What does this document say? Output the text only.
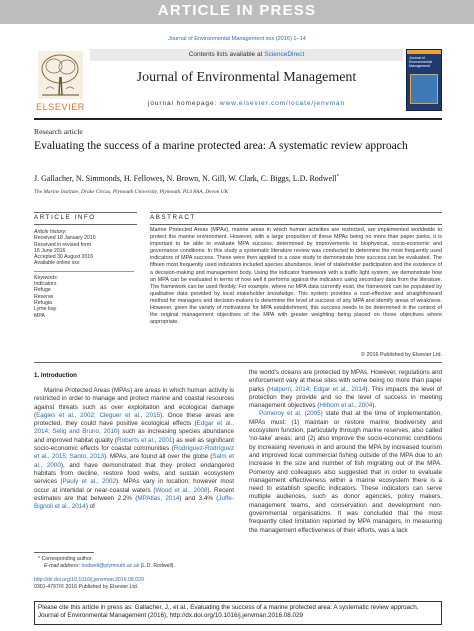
ARTICLE IN PRESS
Journal of Environmental Management xxx (2016) 1–14
ELSEVIER
Contents lists available at ScienceDirect
Journal of Environmental Management
journal homepage: www.elsevier.com/locate/jenvman
Journal of Environmental Management
Research article
Evaluating the success of a marine protected area: A systematic review approach
J. Gallacher, N. Simmonds, H. Fellowes, N. Brown, N. Gill, W. Clark, C. Biggs, L.D. Rodwell*
The Marine Institute, Drake Circus, Plymouth University, Plymouth, PL4 8AA, Devon UK
ARTICLE INFO	ABSTRACT
Article history:
Received 18 January 2016
Received in revised form
16 June 2016
Accepted 30 August 2016
Available online xxx
Keywords:
Indicators
Refuge
Reserve
Refugia
Lyme bay
MPA
Marine Protected Areas (MPAs), marine areas in which human activities are restricted, are implemented worldwide to protect the marine environment. However, with a large proportion of these MPAs being no more than paper parks, it is important to be able to evaluate MPA success, determined by improvements to biophysical, socio-economic and governance conditions. In this study a systematic literature review was conducted to determine the most frequently used indicators of MPA success. These were then applied to a case study to demonstrate how success can be evaluated. The fifteen most frequently used indicators included species abundance, level of stakeholder participation and the existence of a decision-making and management body. Using the indicator framework with a traffic light system, we demonstrate how an MPA can be evaluated in terms of how well it performs against the indicators using secondary data from the literature. The framework can be used flexibly. For example, where no MPA data currently exist, the framework can be populated by qualitative data provided by local stakeholder knowledge. This system provides a cost-effective and straightforward method for managers and decision-makers to determine the level of success of any MPA and identify areas of weakness. However, given the variety of motivations for MPA establishment, this success needs to be determined in the context of the original management objectives of the MPA with greater weighting being placed on those objectives where appropriate.
© 2016 Published by Elsevier Ltd.
1. Introduction

Marine Protected Areas (MPAs) are areas in which human activity is restricted in order to manage and protect marine and coastal resources against threats such as over exploitation and ecological damage (Eagles et al., 2002; Cleguer et al., 2015). Once these areas are protected, they could have positive ecological effects (Edgar et al., 2014; Selig and Bruno, 2010) such as increasing species abundance and improved habitat quality (Roberts et al., 2001) as well as significant socio-economic effects for coastal communities (Rodríguez-Rodríguez et al., 2015; Santo, 2013). MPAs, are found all over the globe (Salm et al., 2000), and have demonstrated that they protect endangered habitats from decline, restore food webs, and sustain ecosystem services (Pauly et al., 2002). MPAs vary in location; however most occur at intertidal or near-coastal waters (Wood et al., 2008). Recent estimates are that between 2.2% (MPAtlas, 2014) and 3.4% (Juffe-Bignoli et al., 2014) of

the world's oceans are protected by MPAs. However, regulations and enforcement vary at these sites with some being no more than paper parks (Halpern, 2014; Edgar et al., 2014). This impacts the level of protection they provide and so the level of success in meeting management objectives (Hilborn et al., 2004).

Pomeroy et al. (2005) state that at the time of implementation, MPAs must: (1) maintain or restore marine biodiversity and ecosystem function, particularly through marine reserves, also called 'no-take' areas; and (2) also improve the socio-economic conditions by increasing revenues in and around the MPA by increased tourism and improved local commercial fishing outside of the MPA due to an increase in the size and number of fish migrating out of the MPA. Pomeroy and colleagues also suggested that in order to evaluate management effectiveness within a marine ecosystem there is a need to establish specific indicators. These indicators can serve multiple audiences, such as donor agencies, policy makers, management teams, and conservation and development non-governmental organisations. It was concluded that the most frequently cited limitation reported by MPA managers, in measuring the management effectiveness of their efforts, was a lack

* Corresponding author.
E-mail address: lrodwell@plymouth.ac.uk (L.D. Rodwell).
http://dx.doi.org/10.1016/j.jenvman.2016.08.029
0301-4797/© 2016 Published by Elsevier Ltd.
Please cite this article in press as: Gallacher, J., et al., Evaluating the success of a marine protected area: A systematic review approach, Journal of Environmental Management (2016), http://dx.doi.org/10.1016/j.jenvman.2016.08.029
